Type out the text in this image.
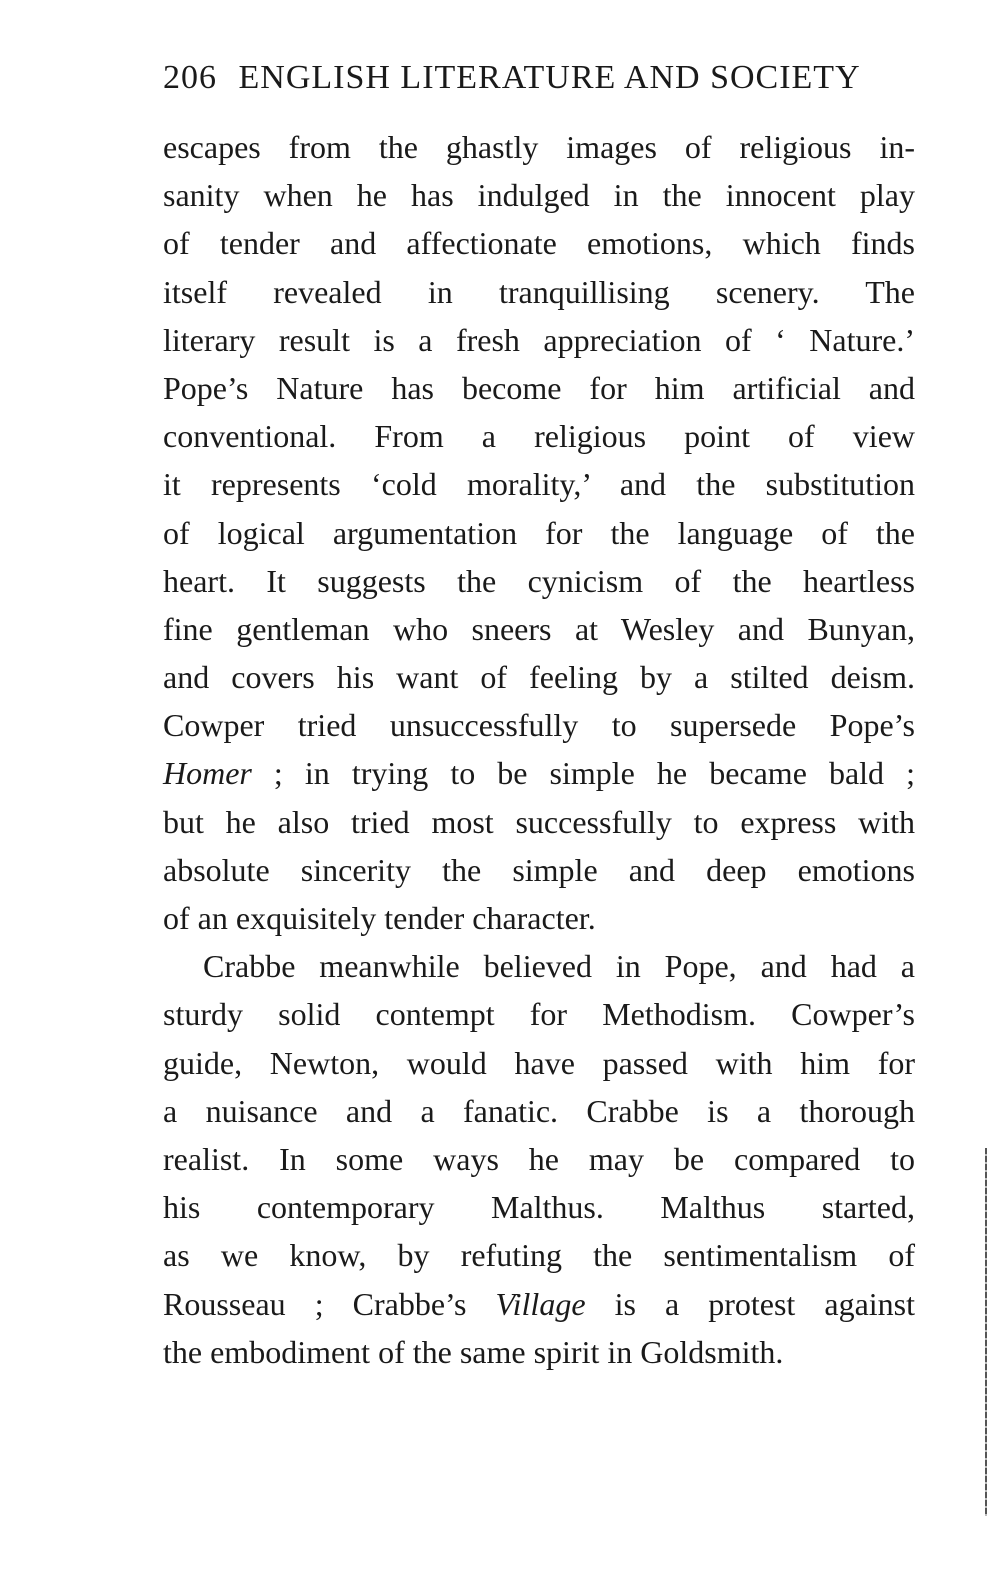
206 ENGLISH LITERATURE AND SOCIETY
escapes from the ghastly images of religious in-
sanity when he has indulged in the innocent play
of tender and affectionate emotions, which finds
itself revealed in tranquillising scenery. The
literary result is a fresh appreciation of ‘ Nature.’
Pope’s Nature has become for him artificial and
conventional. From a religious point of view
it represents ‘cold morality,’ and the substitution
of logical argumentation for the language of the
heart. It suggests the cynicism of the heartless
fine gentleman who sneers at Wesley and Bunyan,
and covers his want of feeling by a stilted deism.
Cowper tried unsuccessfully to supersede Pope’s
Homer ; in trying to be simple he became bald ;
but he also tried most successfully to express with
absolute sincerity the simple and deep emotions
of an exquisitely tender character.
Crabbe meanwhile believed in Pope, and had a
sturdy solid contempt for Methodism. Cowper’s
guide, Newton, would have passed with him for
a nuisance and a fanatic. Crabbe is a thorough
realist. In some ways he may be compared to
his contemporary Malthus. Malthus started,
as we know, by refuting the sentimentalism of
Rousseau ; Crabbe’s Village is a protest against
the embodiment of the same spirit in Goldsmith.
